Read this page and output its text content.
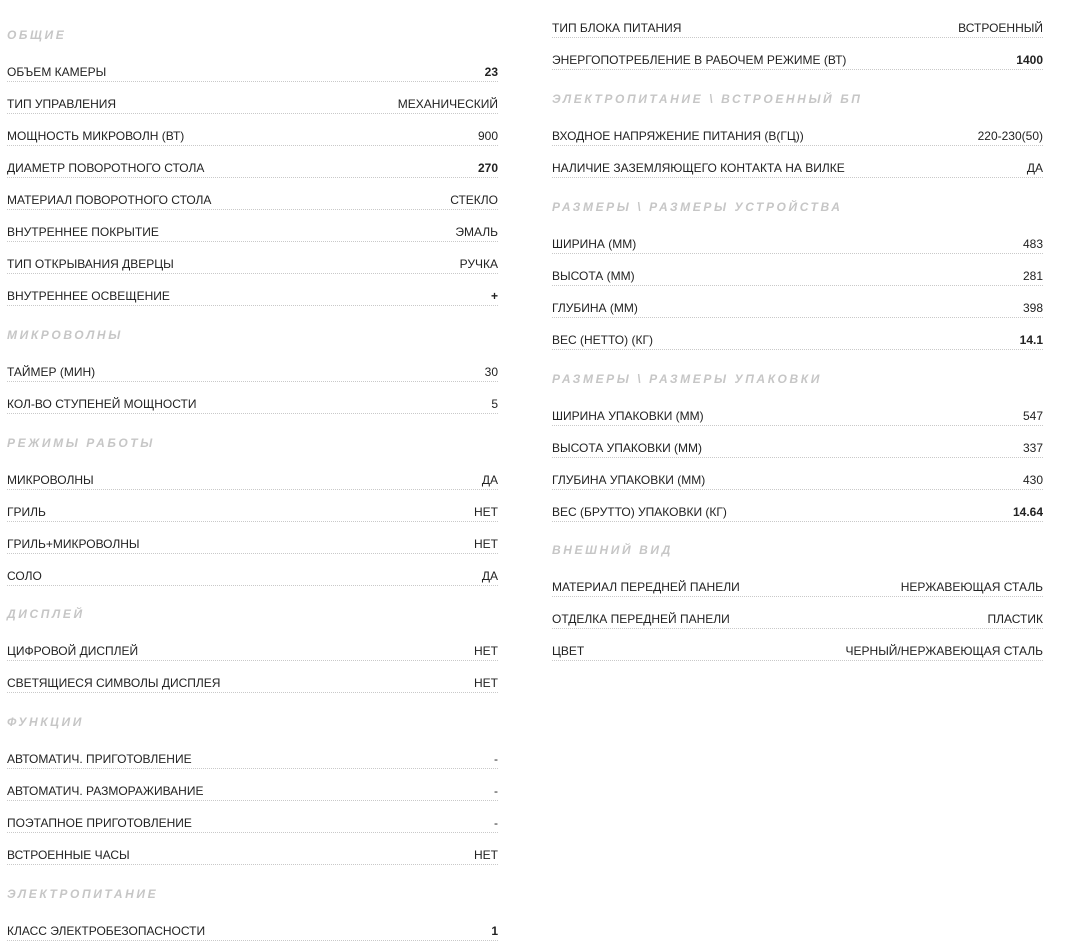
ОБЩИЕ
ОБЪЕМ КАМЕРЫ	23
ТИП УПРАВЛЕНИЯ	МЕХАНИЧЕСКИЙ
МОЩНОСТЬ МИКРОВОЛН (ВТ)	900
ДИАМЕТР ПОВОРОТНОГО СТОЛА	270
МАТЕРИАЛ ПОВОРОТНОГО СТОЛА	СТЕКЛО
ВНУТРЕННЕЕ ПОКРЫТИЕ	ЭМАЛЬ
ТИП ОТКРЫВАНИЯ ДВЕРЦЫ	РУЧКА
ВНУТРЕННЕЕ ОСВЕЩЕНИЕ	+
МИКРОВОЛНЫ
ТАЙМЕР (МИН)	30
КОЛ-ВО СТУПЕНЕЙ МОЩНОСТИ	5
РЕЖИМЫ РАБОТЫ
МИКРОВОЛНЫ	ДА
ГРИЛЬ	НЕТ
ГРИЛЬ+МИКРОВОЛНЫ	НЕТ
СОЛО	ДА
ДИСПЛЕЙ
ЦИФРОВОЙ ДИСПЛЕЙ	НЕТ
СВЕТЯЩИЕСЯ СИМВОЛЫ ДИСПЛЕЯ	НЕТ
ФУНКЦИИ
АВТОМАТИЧ. ПРИГОТОВЛЕНИЕ	-
АВТОМАТИЧ. РАЗМОРАЖИВАНИЕ	-
ПОЭТАПНОЕ ПРИГОТОВЛЕНИЕ	-
ВСТРОЕННЫЕ ЧАСЫ	НЕТ
ЭЛЕКТРОПИТАНИЕ
КЛАСС ЭЛЕКТРОБЕЗОПАСНОСТИ	1
ТИП БЛОКА ПИТАНИЯ	ВСТРОЕННЫЙ
ЭНЕРГОПОТРЕБЛЕНИЕ В РАБОЧЕМ РЕЖИМЕ (ВТ)	1400
ЭЛЕКТРОПИТАНИЕ \ ВСТРОЕННЫЙ БП
ВХОДНОЕ НАПРЯЖЕНИЕ ПИТАНИЯ (В(ГЦ))	220-230(50)
НАЛИЧИЕ ЗАЗЕМЛЯЮЩЕГО КОНТАКТА НА ВИЛКЕ	ДА
РАЗМЕРЫ \ РАЗМЕРЫ УСТРОЙСТВА
ШИРИНА (ММ)	483
ВЫСОТА (ММ)	281
ГЛУБИНА (ММ)	398
ВЕС (НЕТТО) (КГ)	14.1
РАЗМЕРЫ \ РАЗМЕРЫ УПАКОВКИ
ШИРИНА УПАКОВКИ (ММ)	547
ВЫСОТА УПАКОВКИ (ММ)	337
ГЛУБИНА УПАКОВКИ (ММ)	430
ВЕС (БРУТТО) УПАКОВКИ (КГ)	14.64
ВНЕШНИЙ ВИД
МАТЕРИАЛ ПЕРЕДНЕЙ ПАНЕЛИ	НЕРЖАВЕЮЩАЯ СТАЛЬ
ОТДЕЛКА ПЕРЕДНЕЙ ПАНЕЛИ	ПЛАСТИК
ЦВЕТ	ЧЕРНЫЙ/НЕРЖАВЕЮЩАЯ СТАЛЬ
